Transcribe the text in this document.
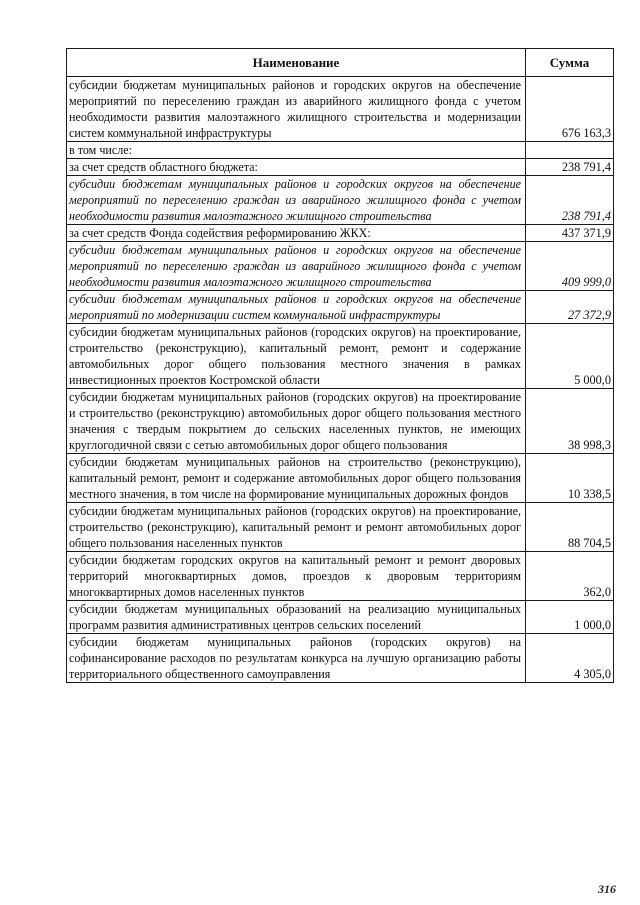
Наименование	Сумма
субсидии бюджетам муниципальных районов и городских округов на обеспечение мероприятий по переселению граждан из аварийного жилищного фонда с учетом необходимости развития малоэтажного жилищного строительства и модернизации систем коммунальной инфраструктуры	676 163,3
в том числе:	
за счет средств областного бюджета:	238 791,4
субсидии бюджетам муниципальных районов и городских округов на обеспечение мероприятий по переселению граждан из аварийного жилищного фонда с учетом необходимости развития малоэтажного жилищного строительства	238 791,4
за счет средств Фонда содействия реформированию ЖКХ:	437 371,9
субсидии бюджетам муниципальных районов и городских округов на обеспечение мероприятий по переселению граждан из аварийного жилищного фонда с учетом необходимости развития малоэтажного жилищного строительства	409 999,0
субсидии бюджетам муниципальных районов и городских округов на обеспечение мероприятий по модернизации систем коммунальной инфраструктуры	27 372,9
субсидии бюджетам муниципальных районов (городских округов) на проектирование, строительство (реконструкцию), капитальный ремонт, ремонт и содержание автомобильных дорог общего пользования местного значения в рамках инвестиционных проектов Костромской области	5 000,0
субсидии бюджетам муниципальных районов (городских округов) на проектирование и строительство (реконструкцию) автомобильных дорог общего пользования местного значения с твердым покрытием до сельских населенных пунктов, не имеющих круглогодичной связи с сетью автомобильных дорог общего пользования	38 998,3
субсидии бюджетам муниципальных районов на строительство (реконструкцию), капитальный ремонт, ремонт и содержание автомобильных дорог общего пользования местного значения, в том числе на формирование муниципальных дорожных фондов	10 338,5
субсидии бюджетам муниципальных районов (городских округов) на проектирование, строительство (реконструкцию), капитальный ремонт и ремонт автомобильных дорог общего пользования населенных пунктов	88 704,5
субсидии бюджетам городских округов на капитальный ремонт и ремонт дворовых территорий многоквартирных домов, проездов к дворовым территориям многоквартирных домов населенных пунктов	362,0
субсидии бюджетам муниципальных образований на реализацию муниципальных программ развития административных центров сельских поселений	1 000,0
субсидии бюджетам муниципальных районов (городских округов) на софинансирование расходов по результатам конкурса на лучшую организацию работы территориального общественного самоуправления	4 305,0
316
